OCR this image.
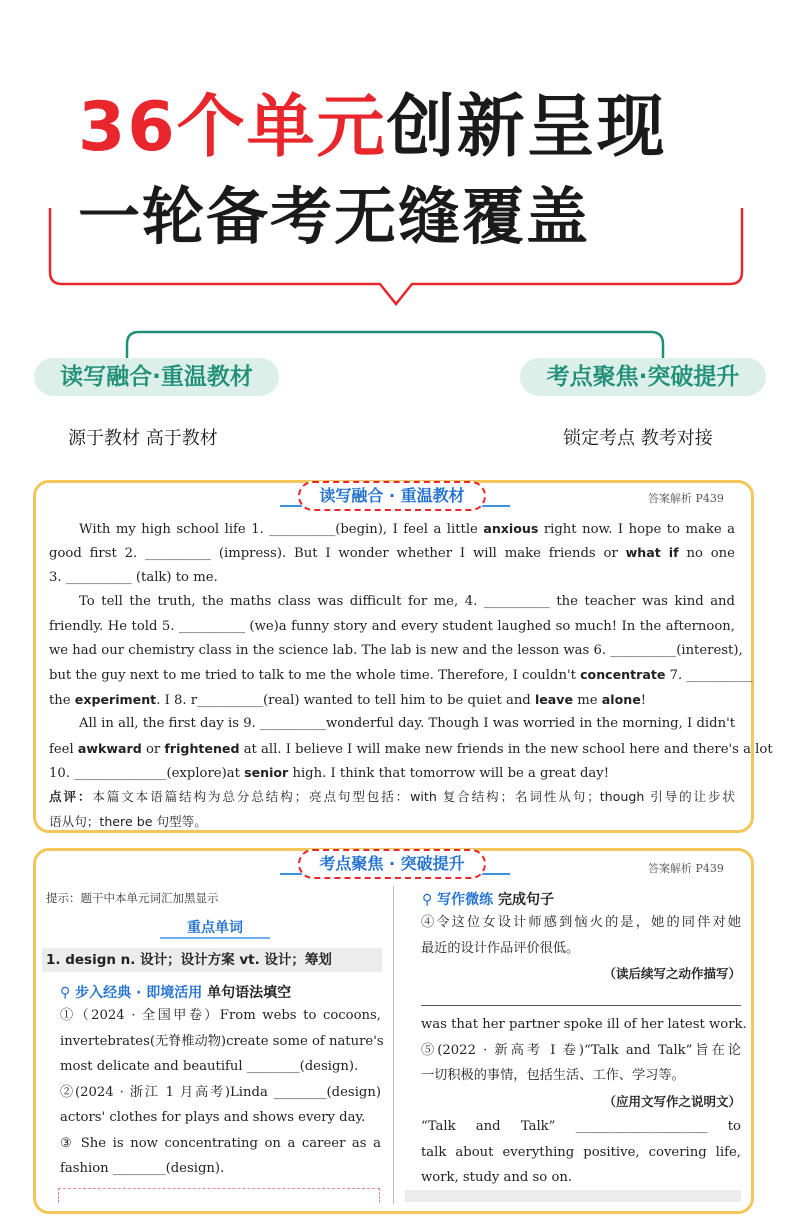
36个单元创新呈现
一轮备考无缝覆盖
读写融合·重温教材	考点聚焦·突破提升
源于教材 高于教材	锁定考点 教考对接
读写融合 · 重温教材	答案解析 P439
With my high school life 1. __________(begin), I feel a little anxious right now. I hope to make a
good first 2. __________ (impress). But I wonder whether I will make friends or what if no one
3. __________ (talk) to me.
To tell the truth, the maths class was difficult for me, 4. __________ the teacher was kind and
friendly. He told 5. __________ (we)a funny story and every student laughed so much! In the afternoon,
we had our chemistry class in the science lab. The lab is new and the lesson was 6. __________(interest),
but the guy next to me tried to talk to me the whole time. Therefore, I couldn't concentrate 7. __________
the experiment. I 8. r__________(real) wanted to tell him to be quiet and leave me alone!
All in all, the first day is 9. __________wonderful day. Though I was worried in the morning, I didn't
feel awkward or frightened at all. I believe I will make new friends in the new school here and there's a lot
10. ______________(explore)at senior high. I think that tomorrow will be a great day!
点评：本篇文本语篇结构为总分总结构；亮点句型包括：with 复合结构；名词性从句；though 引导的让步状
语从句；there be 句型等。
考点聚焦 · 突破提升	答案解析 P439
提示：题干中本单元词汇加黑显示
重点单词
1. design n. 设计；设计方案 vt. 设计；筹划
⚲ 步入经典 · 即境活用 单句语法填空
①（2024 · 全国甲卷）From webs to cocoons,
invertebrates(无脊椎动物)create some of nature's
most delicate and beautiful ________(design).
②(2024 · 浙江 1 月高考)Linda ________(design)
actors' clothes for plays and shows every day.
③ She is now concentrating on a career as a
fashion ________(design).
⚲ 写作微练 完成句子
④令这位女设计师感到恼火的是，她的同伴对她
最近的设计作品评价很低。
（读后续写之动作描写）
was that her partner spoke ill of her latest work.
⑤(2022 · 新高考 I 卷)“Talk and Talk”旨在论
一切积极的事情，包括生活、工作、学习等。
（应用文写作之说明文）
“Talk and Talk” ____________________ to
talk about everything positive, covering life,
work, study and so on.
